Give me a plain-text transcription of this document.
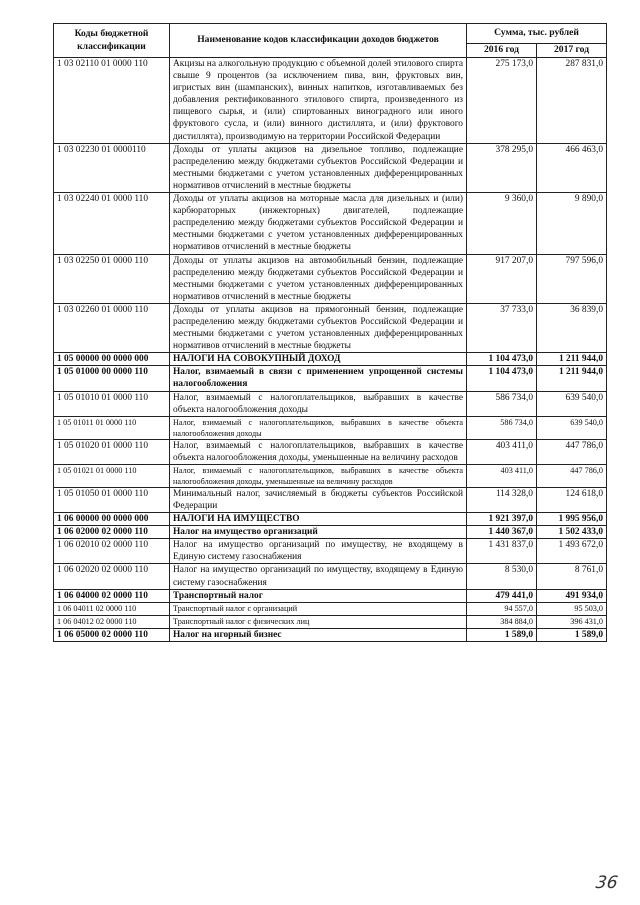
Коды бюджетной классификации	Наименование кодов классификации доходов бюджетов	Сумма, тыс. рублей	
		2016 год	2017 год
1 03 02110 01 0000 110	Акцизы на алкогольную продукцию с объемной долей этилового спирта свыше 9 процентов (за исключением пива, вин, фруктовых вин, игристых вин (шампанских), винных напитков, изготавливаемых без добавления ректификованного этилового спирта, произведенного из пищевого сырья, и (или) спиртованных виноградного или иного фруктового сусла, и (или) винного дистиллята, и (или) фруктового дистиллята), производимую на территории Российской Федерации	275 173,0	287 831,0
1 03 02230 01 0000110	Доходы от уплаты акцизов на дизельное топливо, подлежащие распределению между бюджетами субъектов Российской Федерации и местными бюджетами с учетом установленных дифференцированных нормативов отчислений в местные бюджеты	378 295,0	466 463,0
1 03 02240 01 0000 110	Доходы от уплаты акцизов на моторные масла для дизельных и (или) карбюраторных (инжекторных) двигателей, подлежащие распределению между бюджетами субъектов Российской Федерации и местными бюджетами с учетом установленных дифференцированных нормативов отчислений в местные бюджеты	9 360,0	9 890,0
1 03 02250 01 0000 110	Доходы от уплаты акцизов на автомобильный бензин, подлежащие распределению между бюджетами субъектов Российской Федерации и местными бюджетами с учетом установленных дифференцированных нормативов отчислений в местные бюджеты	917 207,0	797 596,0
1 03 02260 01 0000 110	Доходы от уплаты акцизов на прямогонный бензин, подлежащие распределению между бюджетами субъектов Российской Федерации и местными бюджетами с учетом установленных дифференцированных нормативов отчислений в местные бюджеты	37 733,0	36 839,0
1 05 00000 00 0000 000	НАЛОГИ НА СОВОКУПНЫЙ ДОХОД	1 104 473,0	1 211 944,0
1 05 01000 00 0000 110	Налог, взимаемый в связи с применением упрощенной системы налогообложения	1 104 473,0	1 211 944,0
1 05 01010 01 0000 110	Налог, взимаемый с налогоплательщиков, выбравших в качестве объекта налогообложения доходы	586 734,0	639 540,0
1 05 01011 01 0000 110	Налог, взимаемый с налогоплательщиков, выбравших в качестве объекта налогообложения доходы	586 734,0	639 540,0
1 05 01020 01 0000 110	Налог, взимаемый с налогоплательщиков, выбравших в качестве объекта налогообложения доходы, уменьшенные на величину расходов	403 411,0	447 786,0
1 05 01021 01 0000 110	Налог, взимаемый с налогоплательщиков, выбравших в качестве объекта налогообложения доходы, уменьшенные на величину расходов	403 411,0	447 786,0
1 05 01050 01 0000 110	Минимальный налог, зачисляемый в бюджеты субъектов Российской Федерации	114 328,0	124 618,0
1 06 00000 00 0000 000	НАЛОГИ НА ИМУЩЕСТВО	1 921 397,0	1 995 956,0
1 06 02000 02 0000 110	Налог на имущество организаций	1 440 367,0	1 502 433,0
1 06 02010 02 0000 110	Налог на имущество организаций по имуществу, не входящему в Единую систему газоснабжения	1 431 837,0	1 493 672,0
1 06 02020 02 0000 110	Налог на имущество организаций по имуществу, входящему в Единую систему газоснабжения	8 530,0	8 761,0
1 06 04000 02 0000 110	Транспортный налог	479 441,0	491 934,0
1 06 04011 02 0000 110	Транспортный налог с организаций	94 557,0	95 503,0
1 06 04012 02 0000 110	Транспортный налог с физических лиц	384 884,0	396 431,0
1 06 05000 02 0000 110	Налог на игорный бизнес	1 589,0	1 589,0
36
